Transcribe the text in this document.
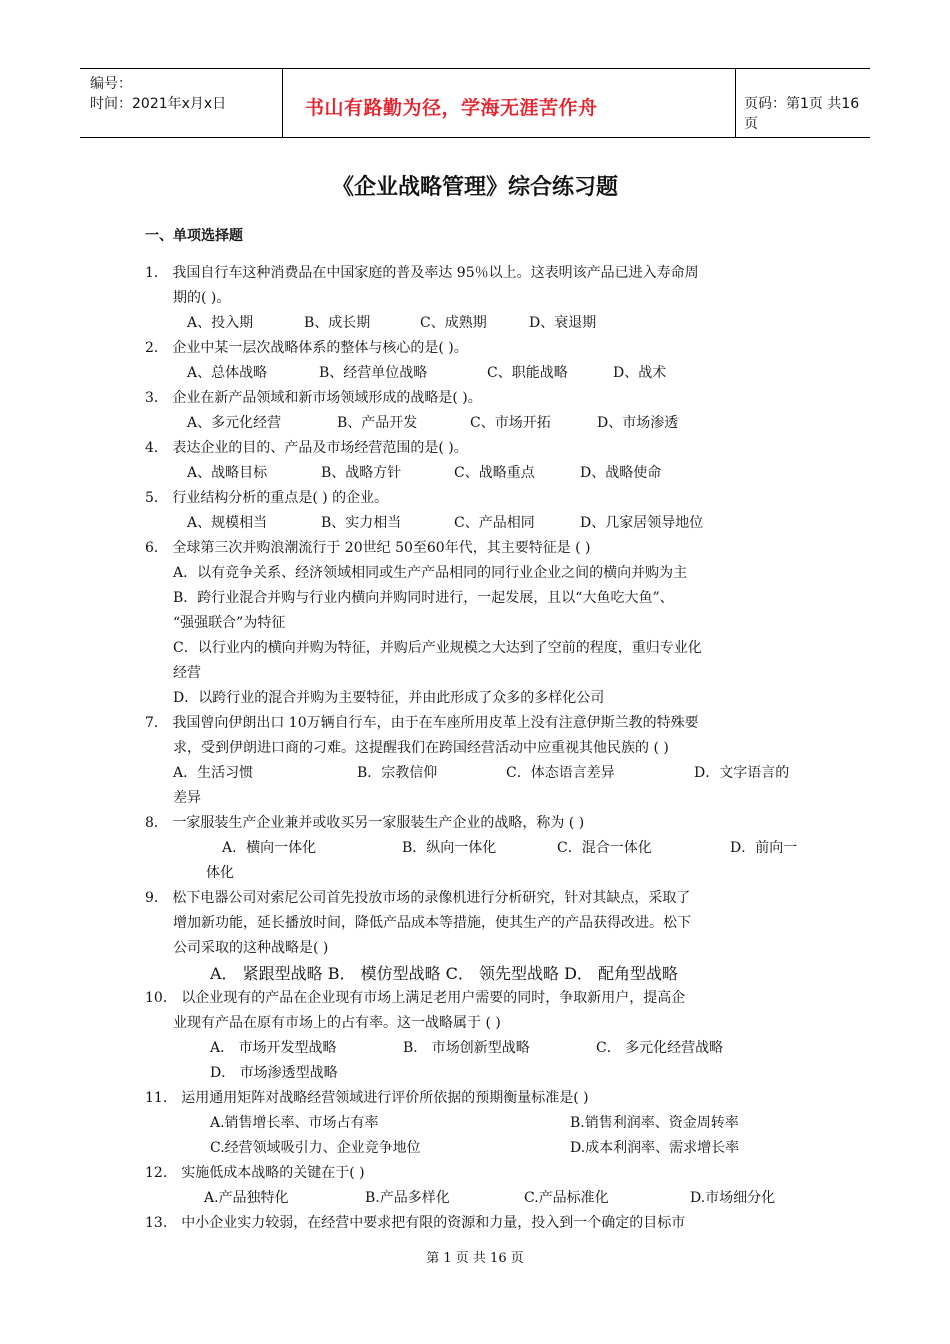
编号：
时间：2021年x月x日	书山有路勤为径，学海无涯苦作舟	页码：第1页 共16页
《企业战略管理》综合练习题
一、单项选择题
1． 我国自行车这种消费品在中国家庭的普及率达 95％以上。这表明该产品已进入寿命周
期的( )。
A、投入期	B、成长期	C、成熟期	D、衰退期
2． 企业中某一层次战略体系的整体与核心的是( )。
A、总体战略	B、经营单位战略	C、职能战略	D、战术
3． 企业在新产品领域和新市场领域形成的战略是( )。
A、多元化经营	B、产品开发	C、市场开拓	D、市场渗透
4． 表达企业的目的、产品及市场经营范围的是( )。
A、战略目标	B、战略方针	C、战略重点	D、战略使命
5． 行业结构分析的重点是( ) 的企业。
A、规模相当	B、实力相当	C、产品相同	D、几家居领导地位
6． 全球第三次并购浪潮流行于 20世纪 50至60年代，其主要特征是 ( )
A．以有竞争关系、经济领域相同或生产产品相同的同行业企业之间的横向并购为主
B．跨行业混合并购与行业内横向并购同时进行，一起发展，且以“大鱼吃大鱼”、
“强强联合”为特征
C．以行业内的横向并购为特征，并购后产业规模之大达到了空前的程度，重归专业化
经营
D．以跨行业的混合并购为主要特征，并由此形成了众多的多样化公司
7． 我国曾向伊朗出口 10万辆自行车，由于在车座所用皮革上没有注意伊斯兰教的特殊要
求，受到伊朗进口商的刁难。这提醒我们在跨国经营活动中应重视其他民族的 ( )
A．生活习惯	B．宗教信仰	C．体态语言差异	D．文字语言的
差异
8． 一家服装生产企业兼并或收买另一家服装生产企业的战略，称为 ( )
A．横向一体化	B．纵向一体化	C．混合一体化	D．前向一
体化
9． 松下电器公司对索尼公司首先投放市场的录像机进行分析研究，针对其缺点，采取了
增加新功能，延长播放时间，降低产品成本等措施，使其生产的产品获得改进。松下
公司采取的这种战略是( )
A． 紧跟型战略 B． 模仿型战略 C． 领先型战略 D． 配角型战略
10． 以企业现有的产品在企业现有市场上满足老用户需要的同时，争取新用户，提高企
业现有产品在原有市场上的占有率。这一战略属于 ( )
A． 市场开发型战略	B． 市场创新型战略	C． 多元化经营战略
D． 市场渗透型战略
11． 运用通用矩阵对战略经营领域进行评价所依据的预期衡量标准是( )
A.销售增长率、市场占有率	B.销售利润率、资金周转率
C.经营领域吸引力、企业竞争地位	D.成本利润率、需求增长率
12． 实施低成本战略的关键在于( )
A.产品独特化	B.产品多样化	C.产品标准化	D.市场细分化
13． 中小企业实力较弱，在经营中要求把有限的资源和力量，投入到一个确定的目标市
第 1 页 共 16 页
